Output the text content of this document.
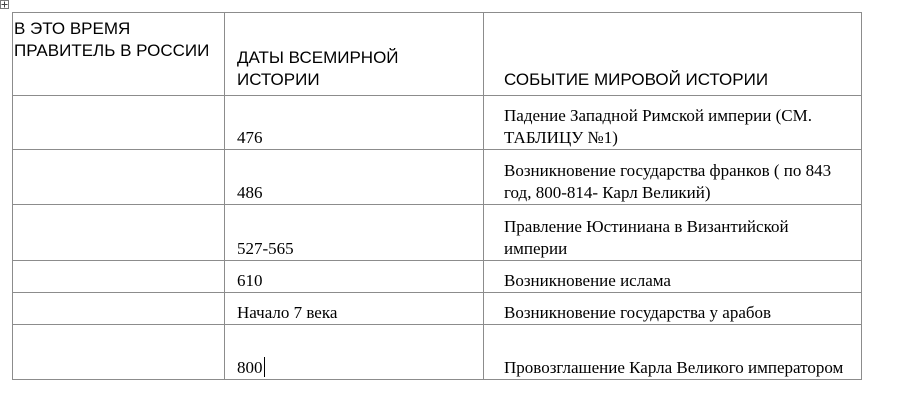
В ЭТО ВРЕМЯ ПРАВИТЕЛЬ В РОССИИ	ДАТЫ ВСЕМИРНОЙ ИСТОРИИ	СОБЫТИЕ МИРОВОЙ ИСТОРИИ
	476	Падение Западной Римской империи (СМ. ТАБЛИЦУ №1)
	486	Возникновение государства франков ( по 843 год, 800-814- Карл Великий)
	527-565	Правление Юстиниана в Византийской империи
	610	Возникновение ислама
	Начало 7 века	Возникновение государства у арабов
	800	Провозглашение Карла Великого императором
